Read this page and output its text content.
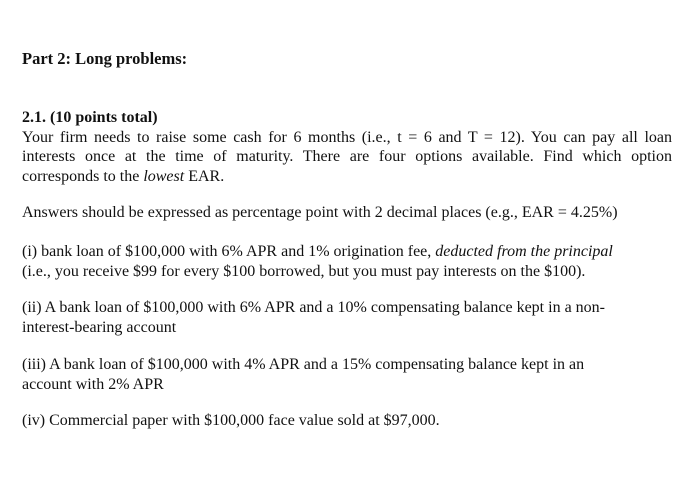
Part 2: Long problems:

2.1. (10 points total)

Your firm needs to raise some cash for 6 months (i.e., t = 6 and T = 12). You can pay all loan interests once at the time of maturity. There are four options available. Find which option corresponds to the lowest EAR.

Answers should be expressed as percentage point with 2 decimal places (e.g., EAR = 4.25%)

(i) bank loan of $100,000 with 6% APR and 1% origination fee, deducted from the principal
(i.e., you receive $99 for every $100 borrowed, but you must pay interests on the $100).

(ii) A bank loan of $100,000 with 6% APR and a 10% compensating balance kept in a non-
interest-bearing account

(iii) A bank loan of $100,000 with 4% APR and a 15% compensating balance kept in an
account with 2% APR

(iv) Commercial paper with $100,000 face value sold at $97,000.
